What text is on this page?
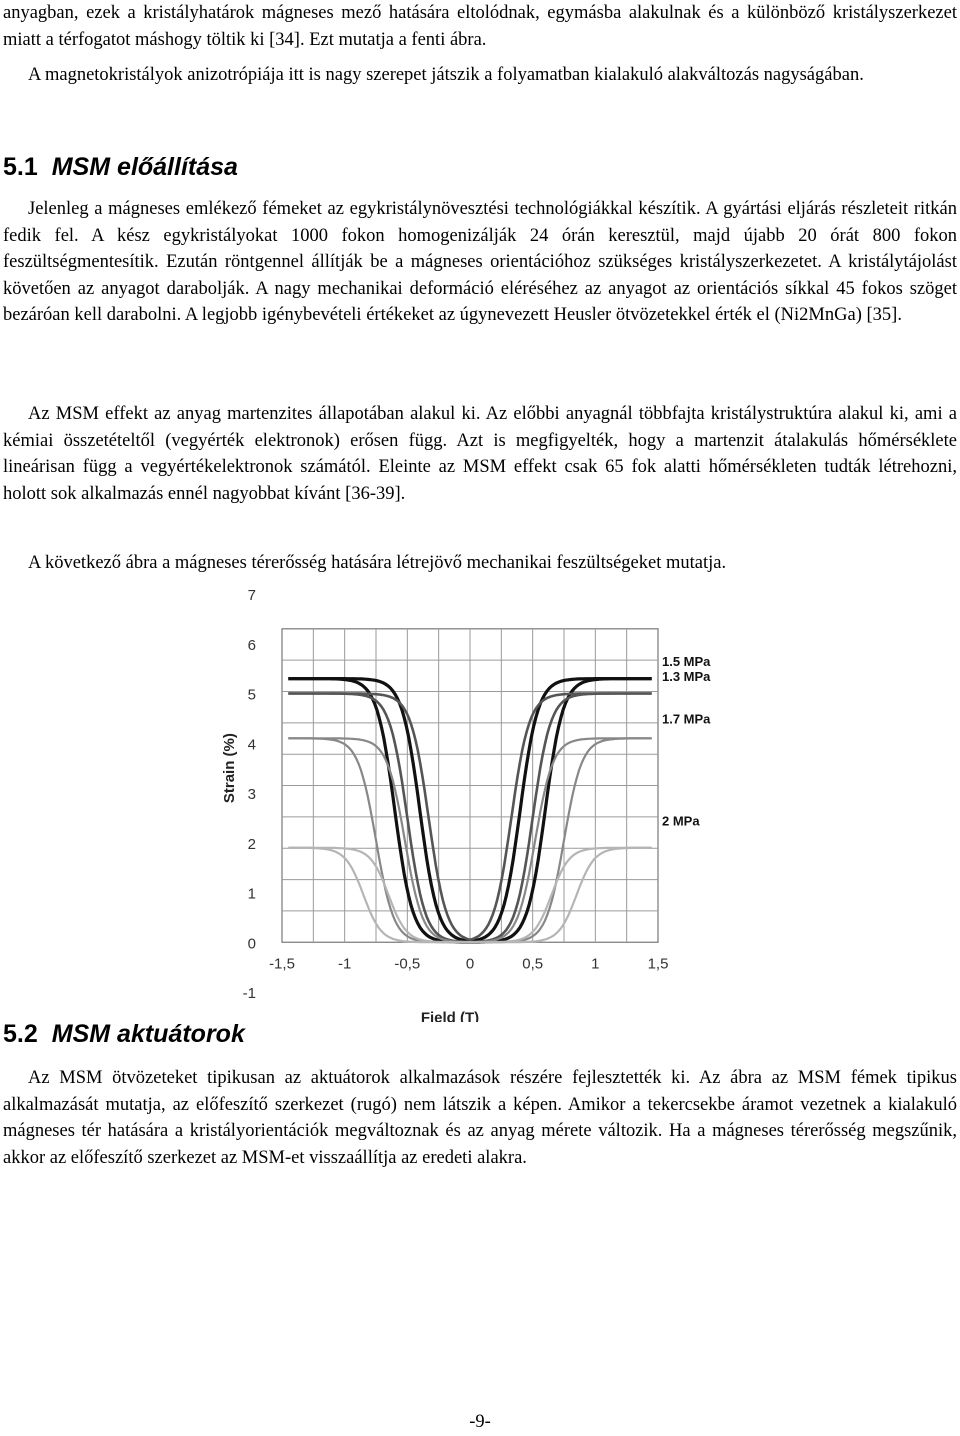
anyagban, ezek a kristályhatárok mágneses mező hatására eltolódnak, egymásba alakulnak és a különböző kristályszerkezet miatt a térfogatot máshogy töltik ki [34]. Ezt mutatja a fenti ábra.

A magnetokristályok anizotrópiája itt is nagy szerepet játszik a folyamatban kialakuló alakváltozás nagyságában.

5.1 MSM előállítása

Jelenleg a mágneses emlékező fémeket az egykristálynövesztési technológiákkal készítik. A gyártási eljárás részleteit ritkán fedik fel. A kész egykristályokat 1000 fokon homogenizálják 24 órán keresztül, majd újabb 20 órát 800 fokon feszültségmentesítik. Ezután röntgennel állítják be a mágneses orientációhoz szükséges kristályszerkezetet. A kristálytájolást követően az anyagot darabolják. A nagy mechanikai deformáció eléréséhez az anyagot az orientációs síkkal 45 fokos szöget bezáróan kell darabolni. A legjobb igénybevételi értékeket az úgynevezett Heusler ötvözetekkel érték el (Ni2MnGa) [35].

Az MSM effekt az anyag martenzites állapotában alakul ki. Az előbbi anyagnál többfajta kristálystruktúra alakul ki, ami a kémiai összetételtől (vegyérték elektronok) erősen függ. Azt is megfigyelték, hogy a martenzit átalakulás hőmérséklete lineárisan függ a vegyértékelektronok számától. Eleinte az MSM effekt csak 65 fok alatti hőmérsékleten tudták létrehozni, holott sok alkalmazás ennél nagyobbat kívánt [36-39].

A következő ábra a mágneses térerősség hatására létrejövő mechanikai feszültségeket mutatja.

7
6
5
4
3
2
1
0
-1
-1,5	-1	-0,5	0	0,5	1	1,5
1.5 MPa
1.3 MPa
1.7 MPa
2 MPa
Strain (%)
Field (T)
5.2 MSM aktuátorok

Az MSM ötvözeteket tipikusan az aktuátorok alkalmazások részére fejlesztették ki. Az ábra az MSM fémek tipikus alkalmazását mutatja, az előfeszítő szerkezet (rugó) nem látszik a képen. Amikor a tekercsekbe áramot vezetnek a kialakuló mágneses tér hatására a kristályorientációk megváltoznak és az anyag mérete változik. Ha a mágneses térerősség megszűnik, akkor az előfeszítő szerkezet az MSM-et visszaállítja az eredeti alakra.

-9-
